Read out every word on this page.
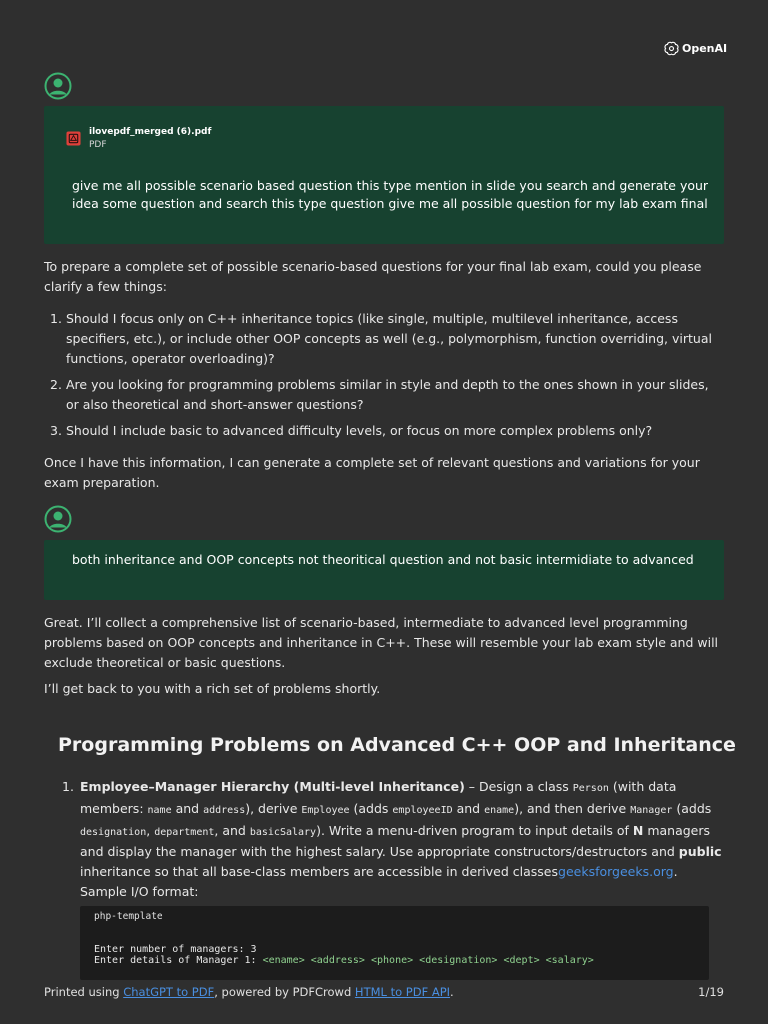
OpenAI
ilovepdf_merged (6).pdf
PDF
give me all possible scenario based question this type mention in slide you search and generate your idea some question and search this type question give me all possible question for my lab exam final
To prepare a complete set of possible scenario-based questions for your final lab exam, could you please clarify a few things:
1. Should I focus only on C++ inheritance topics (like single, multiple, multilevel inheritance, access specifiers, etc.), or include other OOP concepts as well (e.g., polymorphism, function overriding, virtual functions, operator overloading)?
2. Are you looking for programming problems similar in style and depth to the ones shown in your slides, or also theoretical and short-answer questions?
3. Should I include basic to advanced difficulty levels, or focus on more complex problems only?
Once I have this information, I can generate a complete set of relevant questions and variations for your exam preparation.
both inheritance and OOP concepts not theoritical question and not basic intermidiate to advanced
Great. I’ll collect a comprehensive list of scenario-based, intermediate to advanced level programming problems based on OOP concepts and inheritance in C++. These will resemble your lab exam style and will exclude theoretical or basic questions.
I’ll get back to you with a rich set of problems shortly.
Programming Problems on Advanced C++ OOP and Inheritance
1. Employee–Manager Hierarchy (Multi-level Inheritance) – Design a class Person (with data members: name and address), derive Employee (adds employeeID and ename), and then derive Manager (adds designation, department, and basicSalary). Write a menu-driven program to input details of N managers and display the manager with the highest salary. Use appropriate constructors/destructors and public inheritance so that all base-class members are accessible in derived classesgeeksforgeeks.org. Sample I/O format:
php-template
Enter number of managers: 3
Enter details of Manager 1: <ename> <address> <phone> <designation> <dept> <salary>
Printed using ChatGPT to PDF, powered by PDFCrowd HTML to PDF API.	1/19
